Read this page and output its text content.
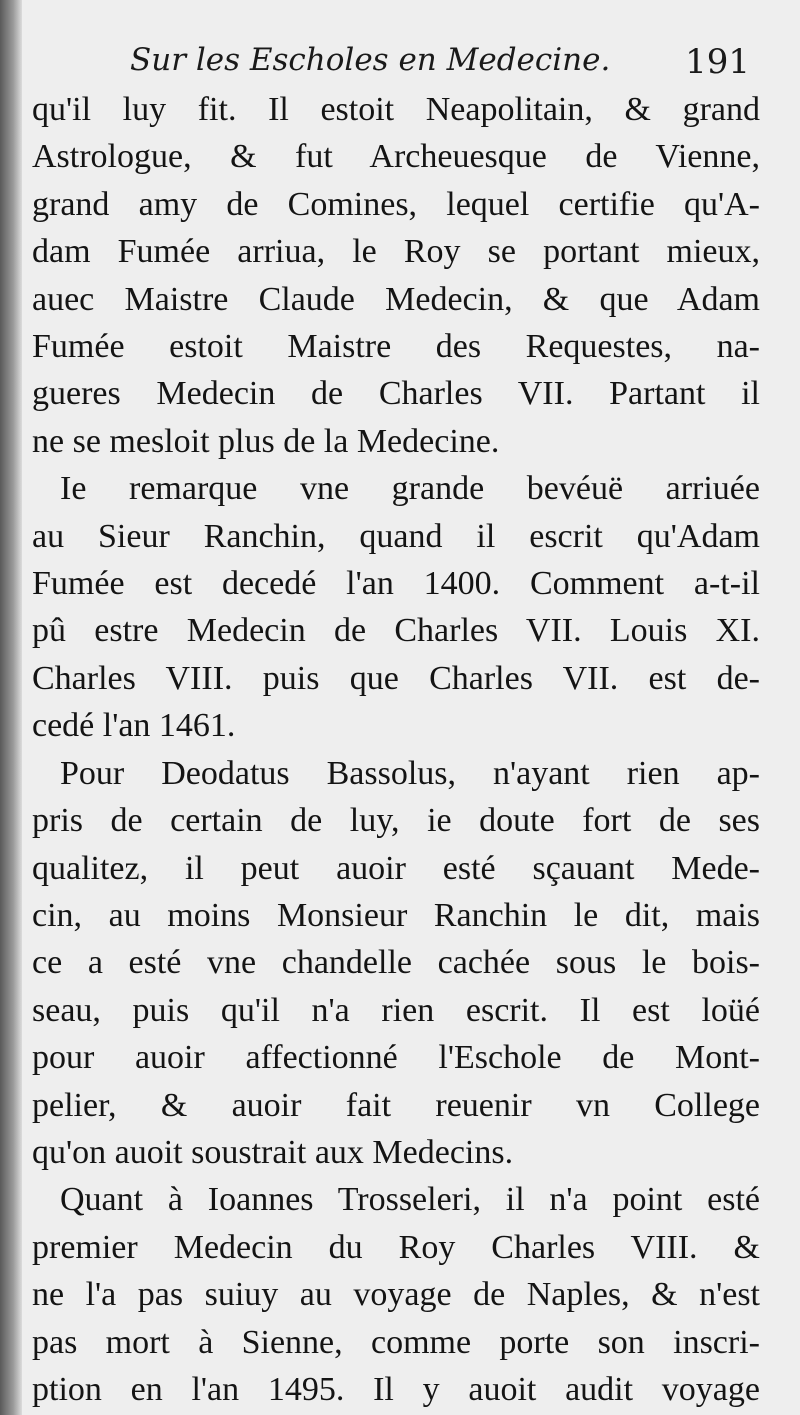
Sur les Escholes en Medecine. 191
qu'il luy fit. Il estoit Neapolitain, & grand
Astrologue, & fut Archeuesque de Vienne,
grand amy de Comines, lequel certifie qu'A-
dam Fumée arriua, le Roy se portant mieux,
auec Maistre Claude Medecin, & que Adam
Fumée estoit Maistre des Requestes, na-
gueres Medecin de Charles VII. Partant il
ne se mesloit plus de la Medecine.
Ie remarque vne grande bevéuë arriuée
au Sieur Ranchin, quand il escrit qu'Adam
Fumée est decedé l'an 1400. Comment a-t-il
pû estre Medecin de Charles VII. Louis XI.
Charles VIII. puis que Charles VII. est de-
cedé l'an 1461.
Pour Deodatus Bassolus, n'ayant rien ap-
pris de certain de luy, ie doute fort de ses
qualitez, il peut auoir esté sçauant Mede-
cin, au moins Monsieur Ranchin le dit, mais
ce a esté vne chandelle cachée sous le bois-
seau, puis qu'il n'a rien escrit. Il est loüé
pour auoir affectionné l'Eschole de Mont-
pelier, & auoir fait reuenir vn College
qu'on auoit soustrait aux Medecins.
Quant à Ioannes Trosseleri, il n'a point esté
premier Medecin du Roy Charles VIII. &
ne l'a pas suiuy au voyage de Naples, & n'est
pas mort à Sienne, comme porte son inscri-
ption en l'an 1495. Il y auoit audit voyage
